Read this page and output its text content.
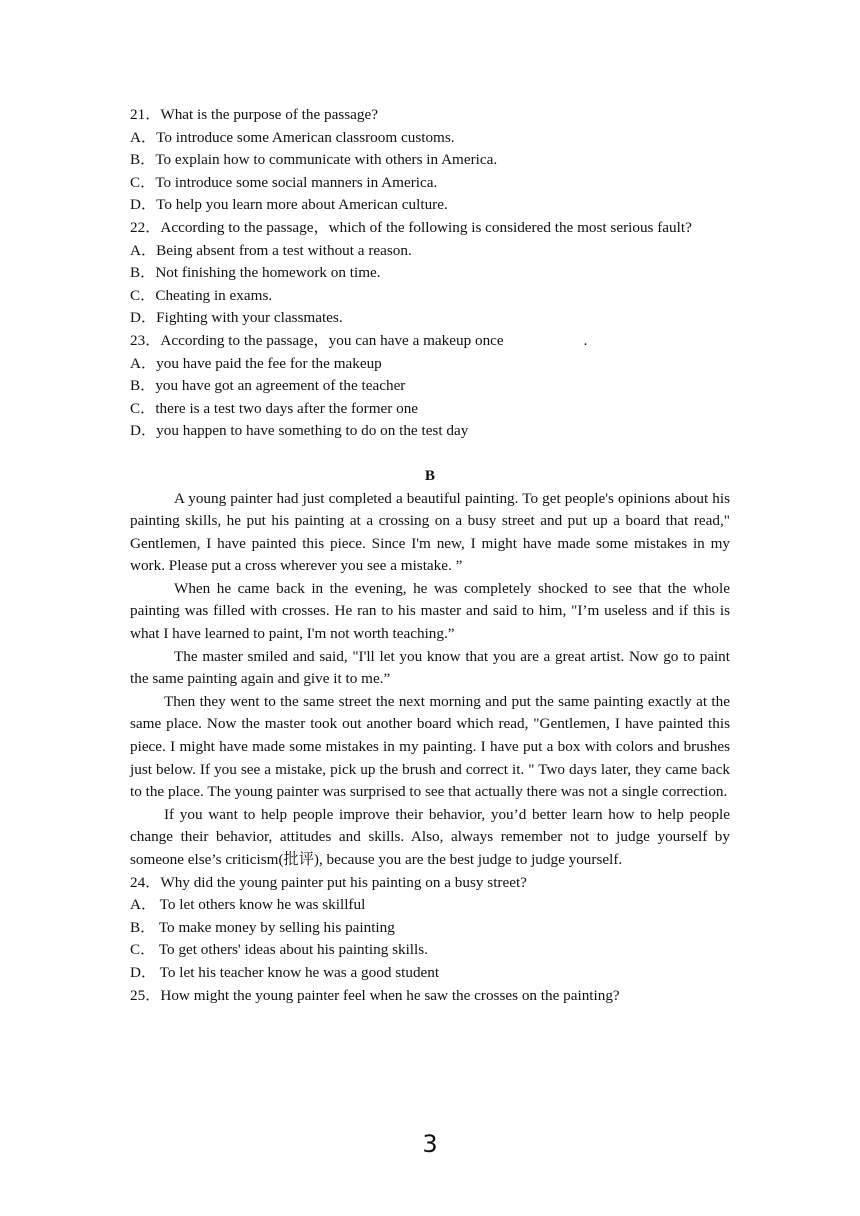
21．What is the purpose of the passage?
A．To introduce some American classroom customs.
B．To explain how to communicate with others in America.
C．To introduce some social manners in America.
D．To help you learn more about American culture.
22．According to the passage，which of the following is considered the most serious fault?
A．Being absent from a test without a reason.
B．Not finishing the homework on time.
C．Cheating in exams.
D．Fighting with your classmates.
23．According to the passage，you can have a makeup once	.
A．you have paid the fee for the makeup
B．you have got an agreement of the teacher
C．there is a test two days after the former one
D．you happen to have something to do on the test day
B

A young painter had just completed a beautiful painting. To get people's opinions about his painting skills, he put his painting at a crossing on a busy street and put up a board that read," Gentlemen, I have painted this piece. Since I'm new, I might have made some mistakes in my work. Please put a cross wherever you see a mistake. ”

When he came back in the evening, he was completely shocked to see that the whole painting was filled with crosses. He ran to his master and said to him, "I’m useless and if this is what I have learned to paint, I'm not worth teaching.”

The master smiled and said, "I'll let you know that you are a great artist. Now go to paint the same painting again and give it to me.”

Then they went to the same street the next morning and put the same painting exactly at the same place. Now the master took out another board which read, "Gentlemen, I have painted this piece. I might have made some mistakes in my painting. I have put a box with colors and brushes just below. If you see a mistake, pick up the brush and correct it. " Two days later, they came back to the place. The young painter was surprised to see that actually there was not a single correction.

If you want to help people improve their behavior, you’d better learn how to help people change their behavior, attitudes and skills. Also, always remember not to judge yourself by someone else’s criticism(批评), because you are the best judge to judge yourself.

24．Why did the young painter put his painting on a busy street?
A． To let others know he was skillful
B． To make money by selling his painting
C． To get others' ideas about his painting skills.
D． To let his teacher know he was a good student
25．How might the young painter feel when he saw the crosses on the painting?
3
